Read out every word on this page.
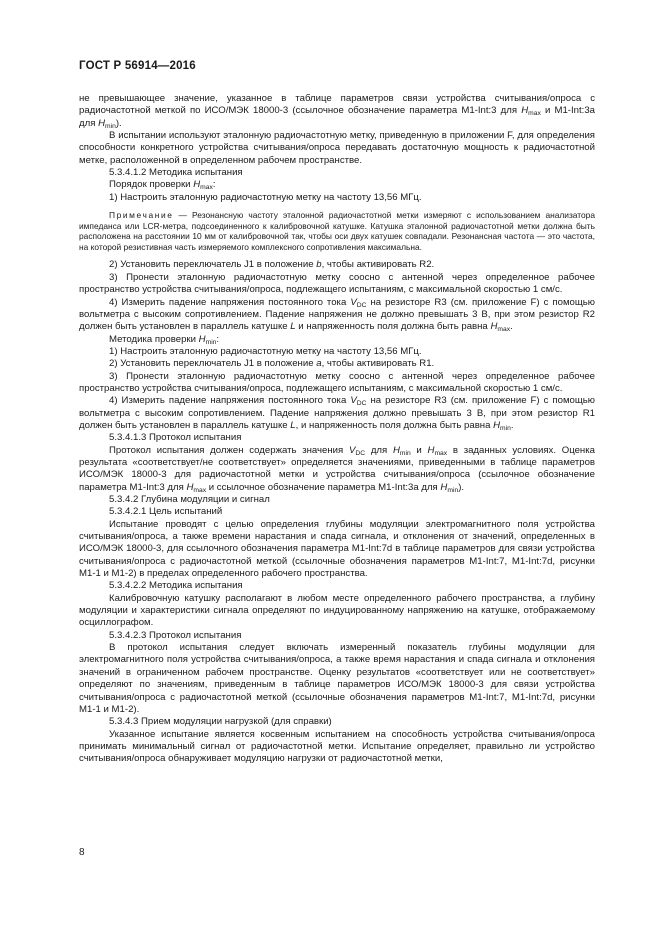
ГОСТ Р 56914—2016

не превышающее значение, указанное в таблице параметров связи устройства считывания/опроса с радиочастотной меткой по ИСО/МЭК 18000-3 (ссылочное обозначение параметра M1-Int:3 для $H_{max}$ и M1-Int:3a для $H_{min}$).

В испытании используют эталонную радиочастотную метку, приведенную в приложении F, для определения способности конкретного устройства считывания/опроса передавать достаточную мощность к радиочастотной метке, расположенной в определенном рабочем пространстве.

5.3.4.1.2 Методика испытания

Порядок проверки $H_{max}$:

1) Настроить эталонную радиочастотную метку на частоту 13,56 МГц.

Примечание — Резонансную частоту эталонной радиочастотной метки измеряют с использованием анализатора импеданса или LCR-метра, подсоединенного к калибровочной катушке. Катушка эталонной радиочастотной метки должна быть расположена на расстоянии 10 мм от калибровочной так, чтобы оси двух катушек совпадали. Резонансная частота — это частота, на которой резистивная часть измеряемого комплексного сопротивления максимальна.

2) Установить переключатель J1 в положение b, чтобы активировать R2.

3) Пронести эталонную радиочастотную метку соосно с антенной через определенное рабочее пространство устройства считывания/опроса, подлежащего испытаниям, с максимальной скоростью 1 см/с.

4) Измерить падение напряжения постоянного тока $V_{DC}$ на резисторе R3 (см. приложение F) с помощью вольтметра с высоким сопротивлением. Падение напряжения не должно превышать 3 В, при этом резистор R2 должен быть установлен в параллель катушке L и напряженность поля должна быть равна $H_{max}$.

Методика проверки $H_{min}$:

1) Настроить эталонную радиочастотную метку на частоту 13,56 МГц.

2) Установить переключатель J1 в положение a, чтобы активировать R1.

3) Пронести эталонную радиочастотную метку соосно с антенной через определенное рабочее пространство устройства считывания/опроса, подлежащего испытаниям, с максимальной скоростью 1 см/с.

4) Измерить падение напряжения постоянного тока $V_{DC}$ на резисторе R3 (см. приложение F) с помощью вольтметра с высоким сопротивлением. Падение напряжения должно превышать 3 В, при этом резистор R1 должен быть установлен в параллель катушке L, и напряженность поля должна быть равна $H_{min}$.

5.3.4.1.3 Протокол испытания

Протокол испытания должен содержать значения $V_{DC}$ для $H_{min}$ и $H_{max}$ в заданных условиях. Оценка результата «соответствует/не соответствует» определяется значениями, приведенными в таблице параметров ИСО/МЭК 18000-3 для радиочастотной метки и устройства считывания/опроса (ссылочное обозначение параметра M1-Int:3 для $H_{max}$ и ссылочное обозначение параметра M1-Int:3a для $H_{min}$).

5.3.4.2 Глубина модуляции и сигнал

5.3.4.2.1 Цель испытаний

Испытание проводят с целью определения глубины модуляции электромагнитного поля устройства считывания/опроса, а также времени нарастания и спада сигнала, и отклонения от значений, определенных в ИСО/МЭК 18000-3, для ссылочного обозначения параметра M1-Int:7d в таблице параметров для связи устройства считывания/опроса с радиочастотной меткой (ссылочные обозначения параметров M1-Int:7, M1-Int:7d, рисунки M1-1 и M1-2) в пределах определенного рабочего пространства.

5.3.4.2.2 Методика испытания

Калибровочную катушку располагают в любом месте определенного рабочего пространства, а глубину модуляции и характеристики сигнала определяют по индуцированному напряжению на катушке, отображаемому осциллографом.

5.3.4.2.3 Протокол испытания

В протокол испытания следует включать измеренный показатель глубины модуляции для электромагнитного поля устройства считывания/опроса, а также время нарастания и спада сигнала и отклонения значений в ограниченном рабочем пространстве. Оценку результатов «соответствует или не соответствует» определяют по значениям, приведенным в таблице параметров ИСО/МЭК 18000-3 для связи устройства считывания/опроса с радиочастотной меткой (ссылочные обозначения параметров M1-Int:7, M1-Int:7d, рисунки M1-1 и M1-2).

5.3.4.3 Прием модуляции нагрузкой (для справки)

Указанное испытание является косвенным испытанием на способность устройства считывания/опроса принимать минимальный сигнал от радиочастотной метки. Испытание определяет, правильно ли устройство считывания/опроса обнаруживает модуляцию нагрузки от радиочастотной метки,

8
